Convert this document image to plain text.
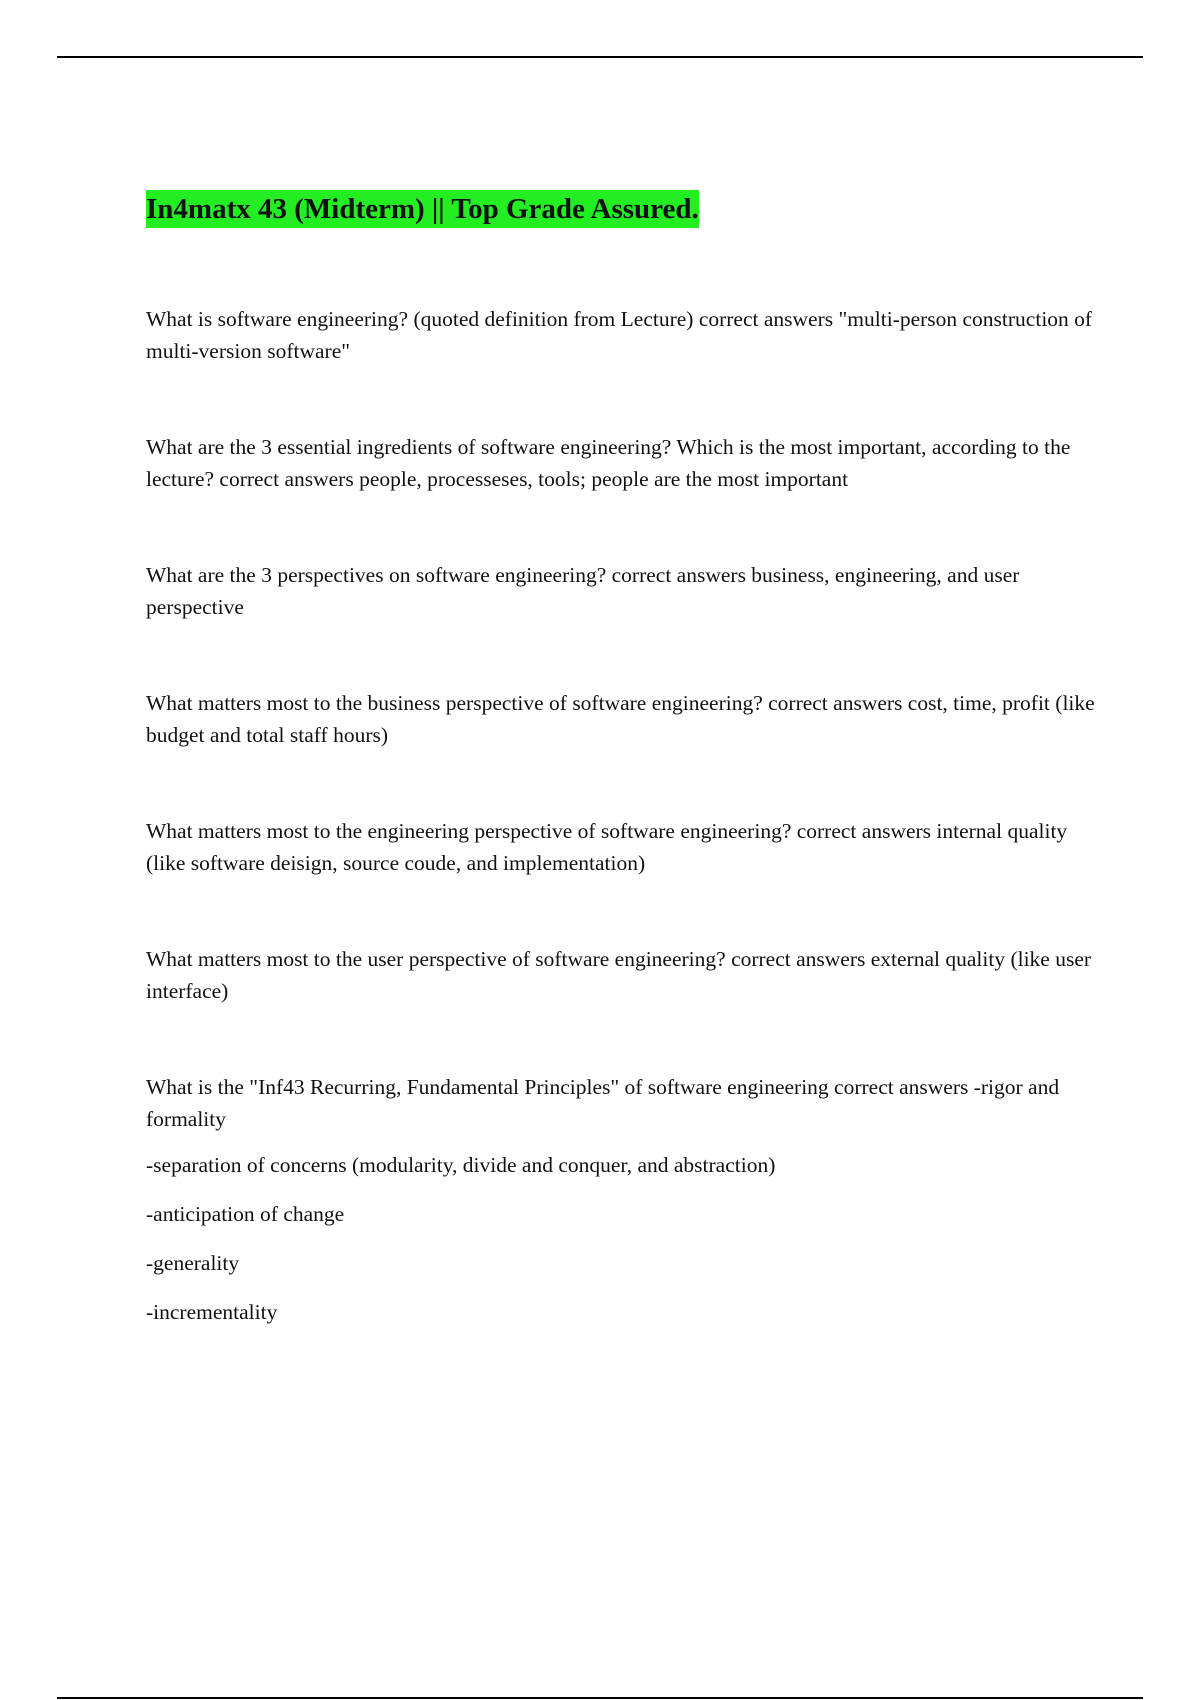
In4matx 43 (Midterm) || Top Grade Assured.

What is software engineering? (quoted definition from Lecture) correct answers "multi-person construction of multi-version software"

What are the 3 essential ingredients of software engineering? Which is the most important, according to the lecture? correct answers people, processeses, tools; people are the most important

What are the 3 perspectives on software engineering? correct answers business, engineering, and user perspective

What matters most to the business perspective of software engineering? correct answers cost, time, profit (like budget and total staff hours)

What matters most to the engineering perspective of software engineering? correct answers internal quality (like software deisign, source coude, and implementation)

What matters most to the user perspective of software engineering? correct answers external quality (like user interface)

What is the "Inf43 Recurring, Fundamental Principles" of software engineering correct answers -rigor and formality

-separation of concerns (modularity, divide and conquer, and abstraction)

-anticipation of change

-generality

-incrementality
